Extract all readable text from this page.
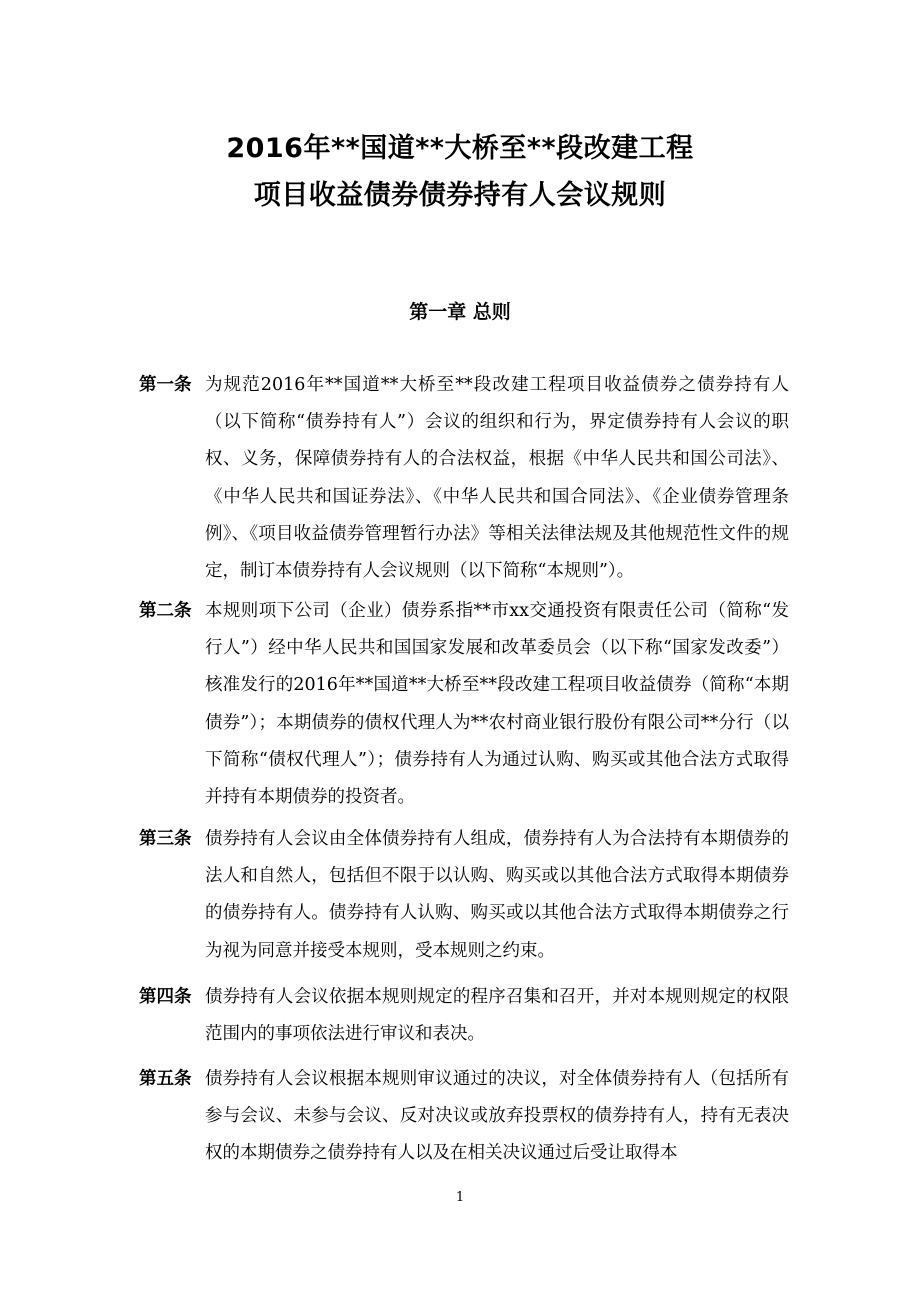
2016年**国道**大桥至**段改建工程
项目收益债券债券持有人会议规则
第一章 总则
第一条 为规范2016年**国道**大桥至**段改建工程项目收益债券之债券持有人（以下简称“债券持有人”）会议的组织和行为，界定债券持有人会议的职权、义务，保障债券持有人的合法权益，根据《中华人民共和国公司法》、《中华人民共和国证券法》、《中华人民共和国合同法》、《企业债券管理条例》、《项目收益债券管理暂行办法》等相关法律法规及其他规范性文件的规定，制订本债券持有人会议规则（以下简称“本规则”）。
第二条 本规则项下公司（企业）债券系指**市xx交通投资有限责任公司（简称“发行人”）经中华人民共和国国家发展和改革委员会（以下称“国家发改委”）核准发行的2016年**国道**大桥至**段改建工程项目收益债券（简称“本期债券”）；本期债券的债权代理人为**农村商业银行股份有限公司**分行（以下简称“债权代理人”）；债券持有人为通过认购、购买或其他合法方式取得并持有本期债券的投资者。
第三条 债券持有人会议由全体债券持有人组成，债券持有人为合法持有本期债券的法人和自然人，包括但不限于以认购、购买或以其他合法方式取得本期债券的债券持有人。债券持有人认购、购买或以其他合法方式取得本期债券之行为视为同意并接受本规则，受本规则之约束。
第四条 债券持有人会议依据本规则规定的程序召集和召开，并对本规则规定的权限范围内的事项依法进行审议和表决。
第五条 债券持有人会议根据本规则审议通过的决议，对全体债券持有人（包括所有参与会议、未参与会议、反对决议或放弃投票权的债券持有人，持有无表决权的本期债券之债券持有人以及在相关决议通过后受让取得本
1
